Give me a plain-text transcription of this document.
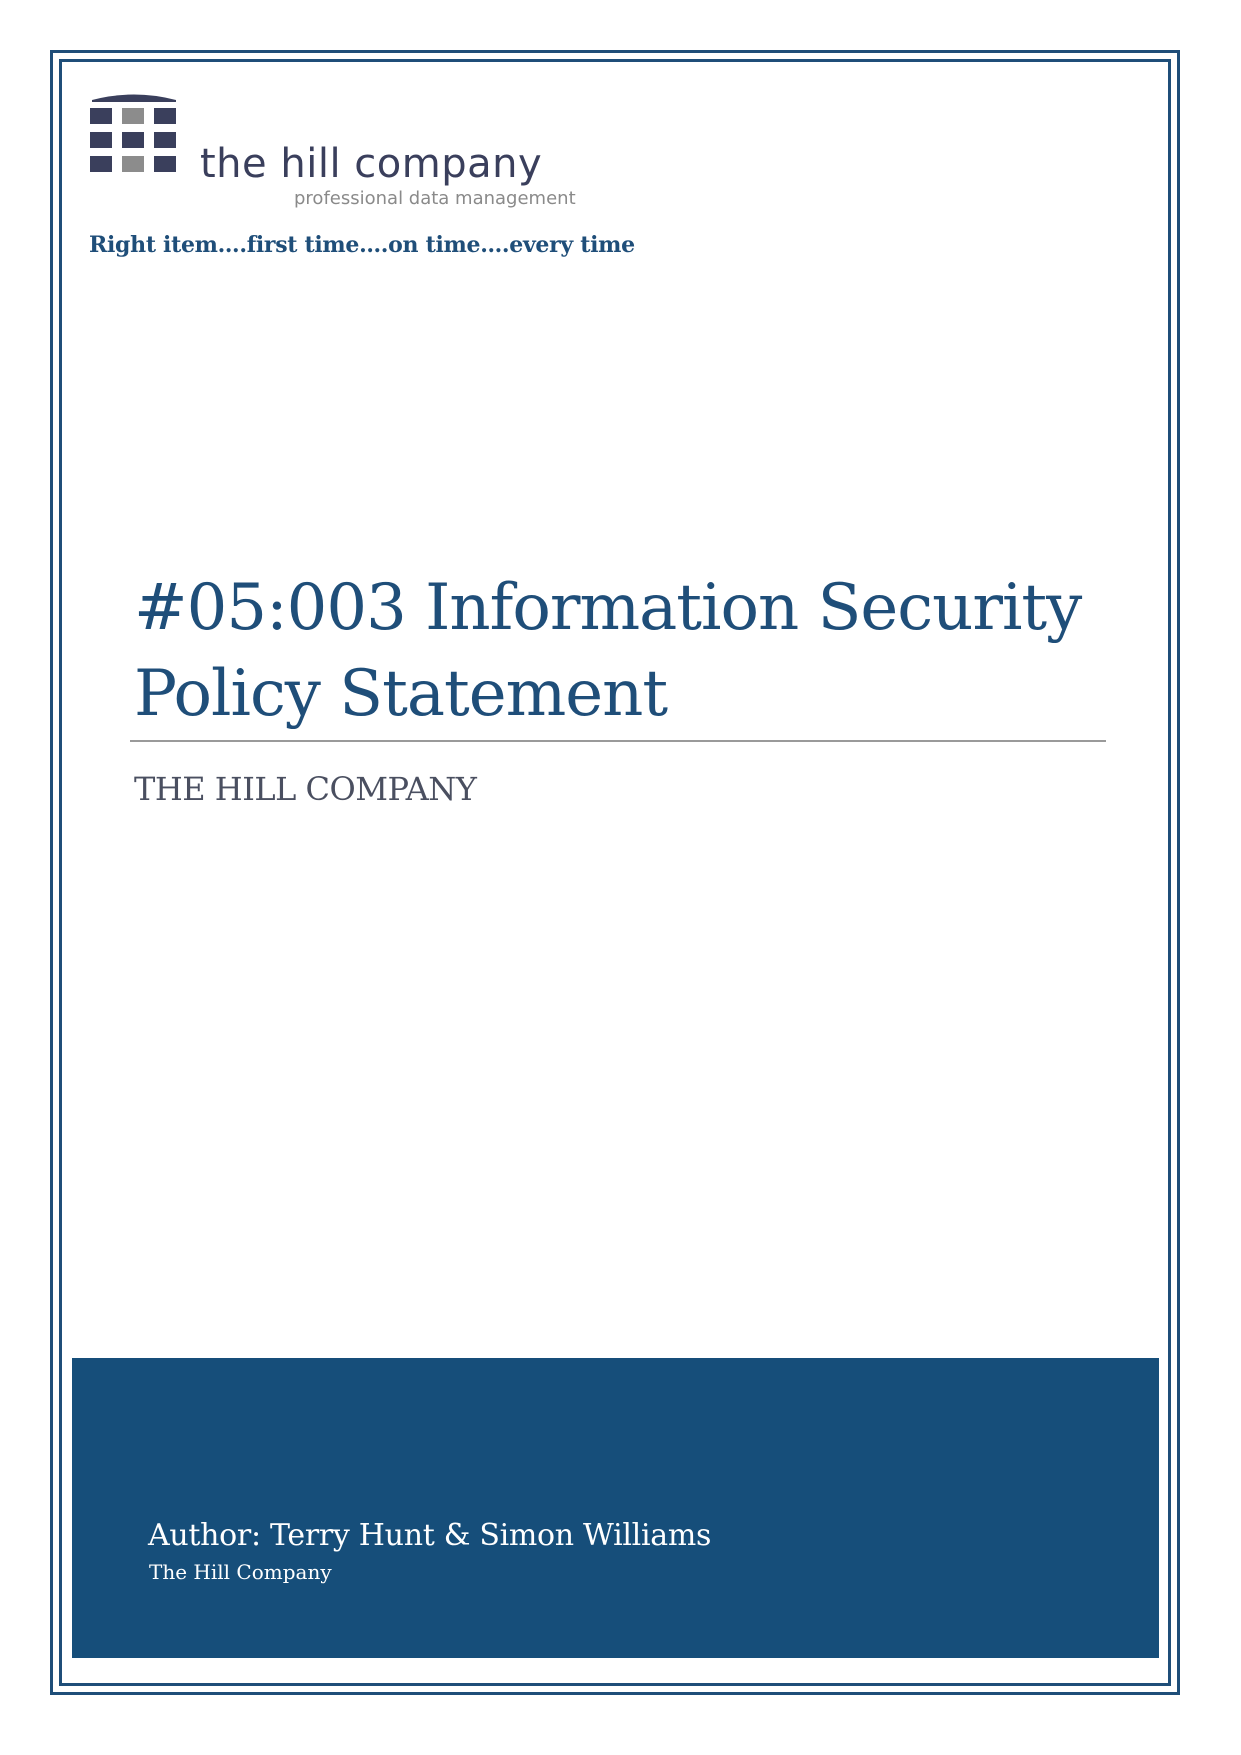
the hill company
professional data management
Right item….first time….on time….every time
#05:003 Information Security Policy Statement
THE HILL COMPANY
Author: Terry Hunt & Simon Williams
The Hill Company
